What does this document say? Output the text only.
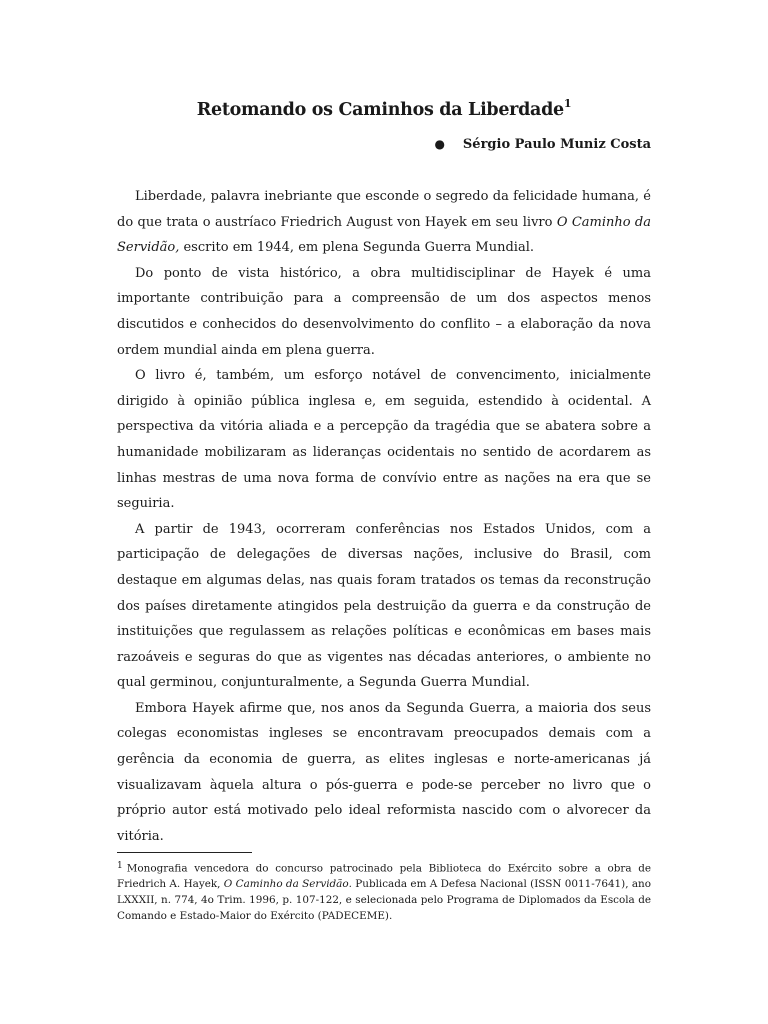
Retomando os Caminhos da Liberdade$^1$
● Sérgio Paulo Muniz Costa

Liberdade, palavra inebriante que esconde o segredo da felicidade humana, é do que trata o austríaco Friedrich August von Hayek em seu livro O Caminho da Servidão, escrito em 1944, em plena Segunda Guerra Mundial.

Do ponto de vista histórico, a obra multidisciplinar de Hayek é uma importante contribuição para a compreensão de um dos aspectos menos discutidos e conhecidos do desenvolvimento do conflito – a elaboração da nova ordem mundial ainda em plena guerra.

O livro é, também, um esforço notável de convencimento, inicialmente dirigido à opinião pública inglesa e, em seguida, estendido à ocidental. A perspectiva da vitória aliada e a percepção da tragédia que se abatera sobre a humanidade mobilizaram as lideranças ocidentais no sentido de acordarem as linhas mestras de uma nova forma de convívio entre as nações na era que se seguiria.

A partir de 1943, ocorreram conferências nos Estados Unidos, com a participação de delegações de diversas nações, inclusive do Brasil, com destaque em algumas delas, nas quais foram tratados os temas da reconstrução dos países diretamente atingidos pela destruição da guerra e da construção de instituições que regulassem as relações políticas e econômicas em bases mais razoáveis e seguras do que as vigentes nas décadas anteriores, o ambiente no qual germinou, conjunturalmente, a Segunda Guerra Mundial.

Embora Hayek afirme que, nos anos da Segunda Guerra, a maioria dos seus colegas economistas ingleses se encontravam preocupados demais com a gerência da economia de guerra, as elites inglesas e norte-americanas já visualizavam àquela altura o pós-guerra e pode-se perceber no livro que o próprio autor está motivado pelo ideal reformista nascido com o alvorecer da vitória.

$^1$ Monografia vencedora do concurso patrocinado pela Biblioteca do Exército sobre a obra de Friedrich A. Hayek, O Caminho da Servidão. Publicada em A Defesa Nacional (ISSN 0011-7641), ano LXXXII, n. 774, 4o Trim. 1996, p. 107-122, e selecionada pelo Programa de Diplomados da Escola de Comando e Estado-Maior do Exército (PADECEME).
